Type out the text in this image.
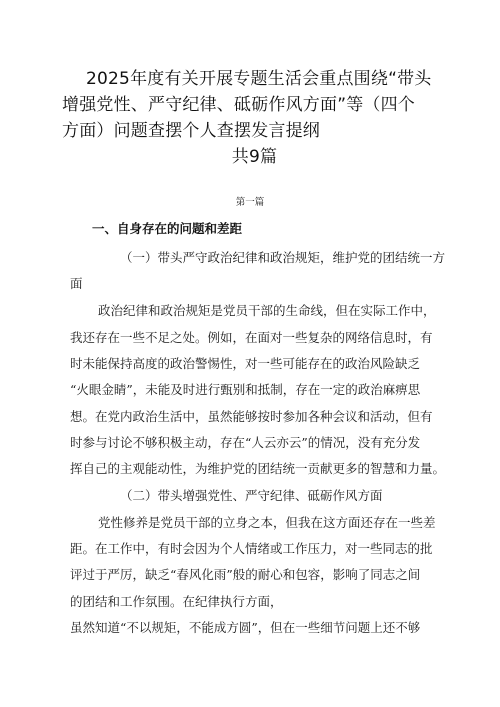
2025年度有关开展专题生活会重点围绕“带头
增强党性、严守纪律、砥砺作风方面”等（四个
方面）问题查摆个人查摆发言提纲
共9篇
第一篇
一、自身存在的问题和差距
（一）带头严守政治纪律和政治规矩，维护党的团结统一方
面
政治纪律和政治规矩是党员干部的生命线，但在实际工作中，
我还存在一些不足之处。例如，在面对一些复杂的网络信息时，有
时未能保持高度的政治警惕性，对一些可能存在的政治风险缺乏
“火眼金睛”，未能及时进行甄别和抵制，存在一定的政治麻痹思
想。在党内政治生活中，虽然能够按时参加各种会议和活动，但有
时参与讨论不够积极主动，存在“人云亦云”的情况，没有充分发
挥自己的主观能动性，为维护党的团结统一贡献更多的智慧和力量。
（二）带头增强党性、严守纪律、砥砺作风方面
党性修养是党员干部的立身之本，但我在这方面还存在一些差
距。在工作中，有时会因为个人情绪或工作压力，对一些同志的批
评过于严厉，缺乏“春风化雨”般的耐心和包容，影响了同志之间
的团结和工作氛围。在纪律执行方面，
虽然知道“不以规矩，不能成方圆”，但在一些细节问题上还不够
